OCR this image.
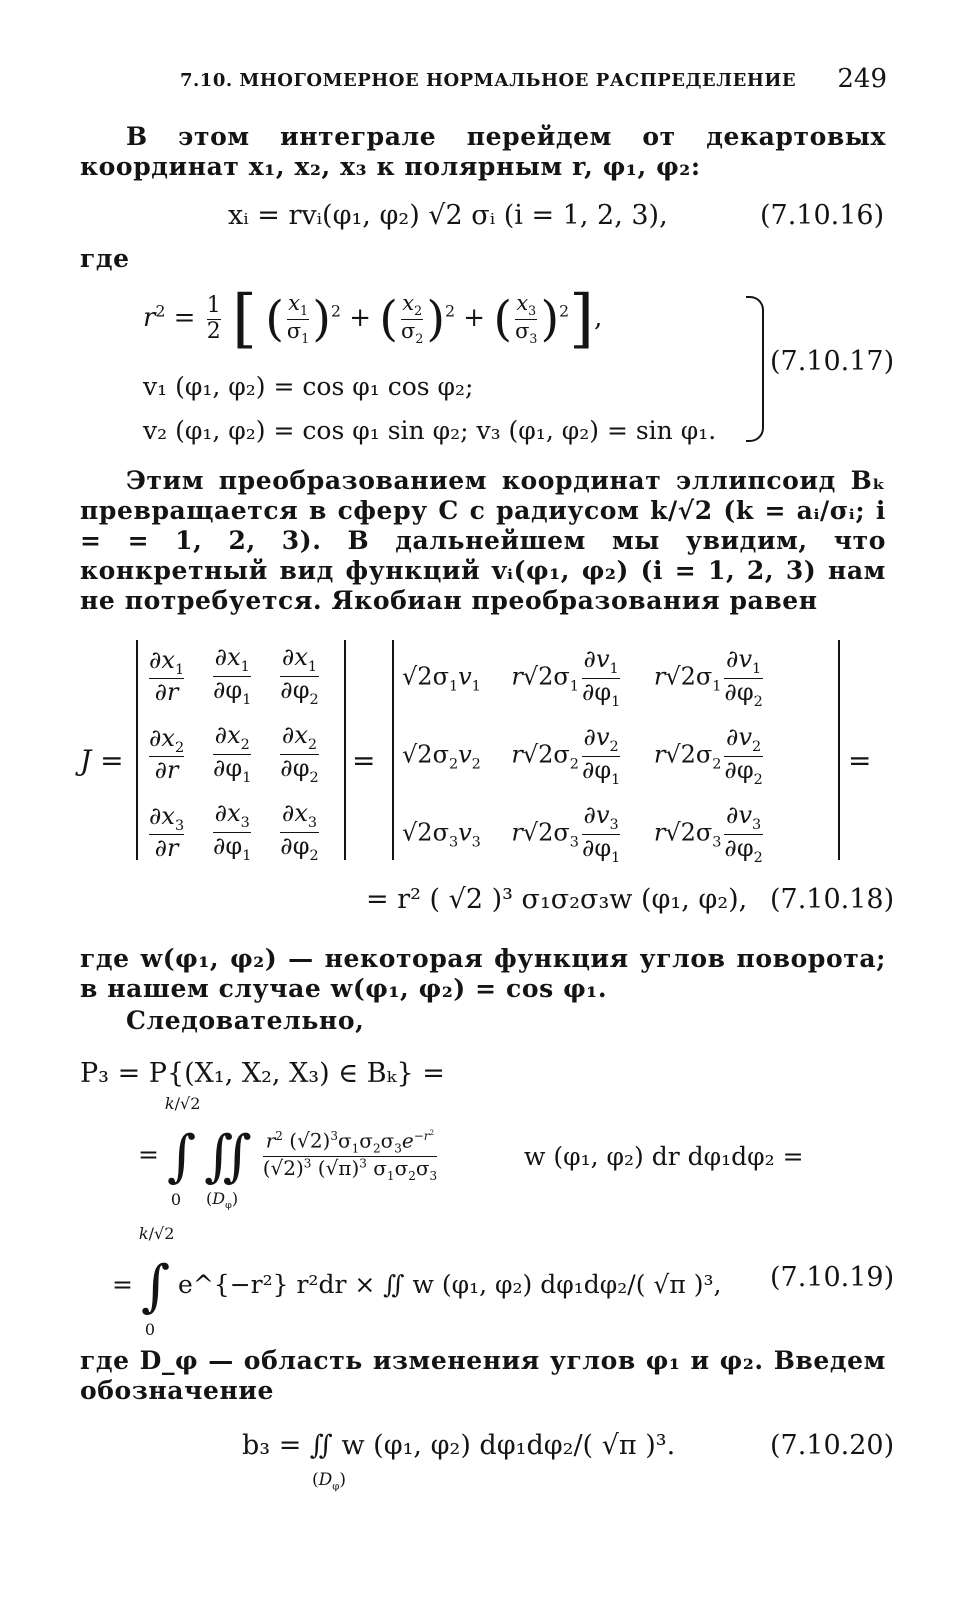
7.10. МНОГОМЕРНОЕ НОРМАЛЬНОЕ РАСПРЕДЕЛЕНИЕ 249
В этом интеграле перейдем от декартовых координат x₁, x₂, x₃ к полярным r, φ₁, φ₂:
xᵢ = rvᵢ(φ₁, φ₂) √2 σᵢ (i = 1, 2, 3),	(7.10.16)
где
$r^2 = \frac{1}{2}$ [ ( $\frac{x_1}{\sigma_1} )^2$ + ( $\frac{x_2}{\sigma_2} )^2$ + ( $\frac{x_3}{\sigma_3} )^2$],
v₁ (φ₁, φ₂) = cos φ₁ cos φ₂;
v₂ (φ₁, φ₂) = cos φ₁ sin φ₂; v₃ (φ₁, φ₂) = sin φ₁.
(7.10.17)
Этим преобразованием координат эллипсоид Bₖ превращается в сферу C с радиусом k/√2 (k = aᵢ/σᵢ; i = = 1, 2, 3). В дальнейшем мы увидим, что конкретный вид функций vᵢ(φ₁, φ₂) (i = 1, 2, 3) нам не потребуется. Якобиан преобразования равен
J =
$\frac{\partial x_1}{\partial r}$
$\frac{\partial x_1}{\partial\varphi_1}$
$\frac{\partial x_1}{\partial\varphi_2}$
$\frac{\partial x_2}{\partial r}$
$\frac{\partial x_2}{\partial\varphi_1}$
$\frac{\partial x_2}{\partial\varphi_2}$
$\frac{\partial x_3}{\partial r}$
$\frac{\partial x_3}{\partial\varphi_1}$
$\frac{\partial x_3}{\partial\varphi_2}$
=
$√2\sigma_1v_1$ $r√2\sigma_1 \frac{\partial v_1}{\partial\varphi_1} r√2\sigma_1 \frac{\partial v_1}{\partial\varphi_2}$
$√2\sigma_2v_2$ $r√2\sigma_2 \frac{\partial v_2}{\partial\varphi_1} r√2\sigma_2 \frac{\partial v_2}{\partial\varphi_2}$
$√2\sigma_3v_3$ $r√2\sigma_3 \frac{\partial v_3}{\partial\varphi_1} r√2\sigma_3 \frac{\partial v_3}{\partial\varphi_2}$
=
= r² ( √2 )³ σ₁σ₂σ₃w (φ₁, φ₂), (7.10.18)
где w(φ₁, φ₂) — некоторая функция углов поворота; в нашем случае w(φ₁, φ₂) = cos φ₁.
Следовательно,
P₃ = P{(X₁, X₂, X₃) ∈ Bₖ} =
=
k/√2
∫
0
∬
$(D_\varphi)$

$\frac{r^2 (√2)^3\sigma_1\sigma_2\sigma_3e^{-r^2}}{(√2)^3 (√\pi)^3 \sigma_1\sigma_2\sigma_3}$	w (φ₁, φ₂) dr dφ₁dφ₂ =
=
k/√2
∫
0
e^{−r²} r²dr × ∬ w (φ₁, φ₂) dφ₁dφ₂/( √π )³, (7.10.19)
где D_φ — область изменения углов φ₁ и φ₂. Введем обозначение
b₃ = ∬ w (φ₁, φ₂) dφ₁dφ₂/( √π )³.
$(D_\varphi)$
(7.10.20)
